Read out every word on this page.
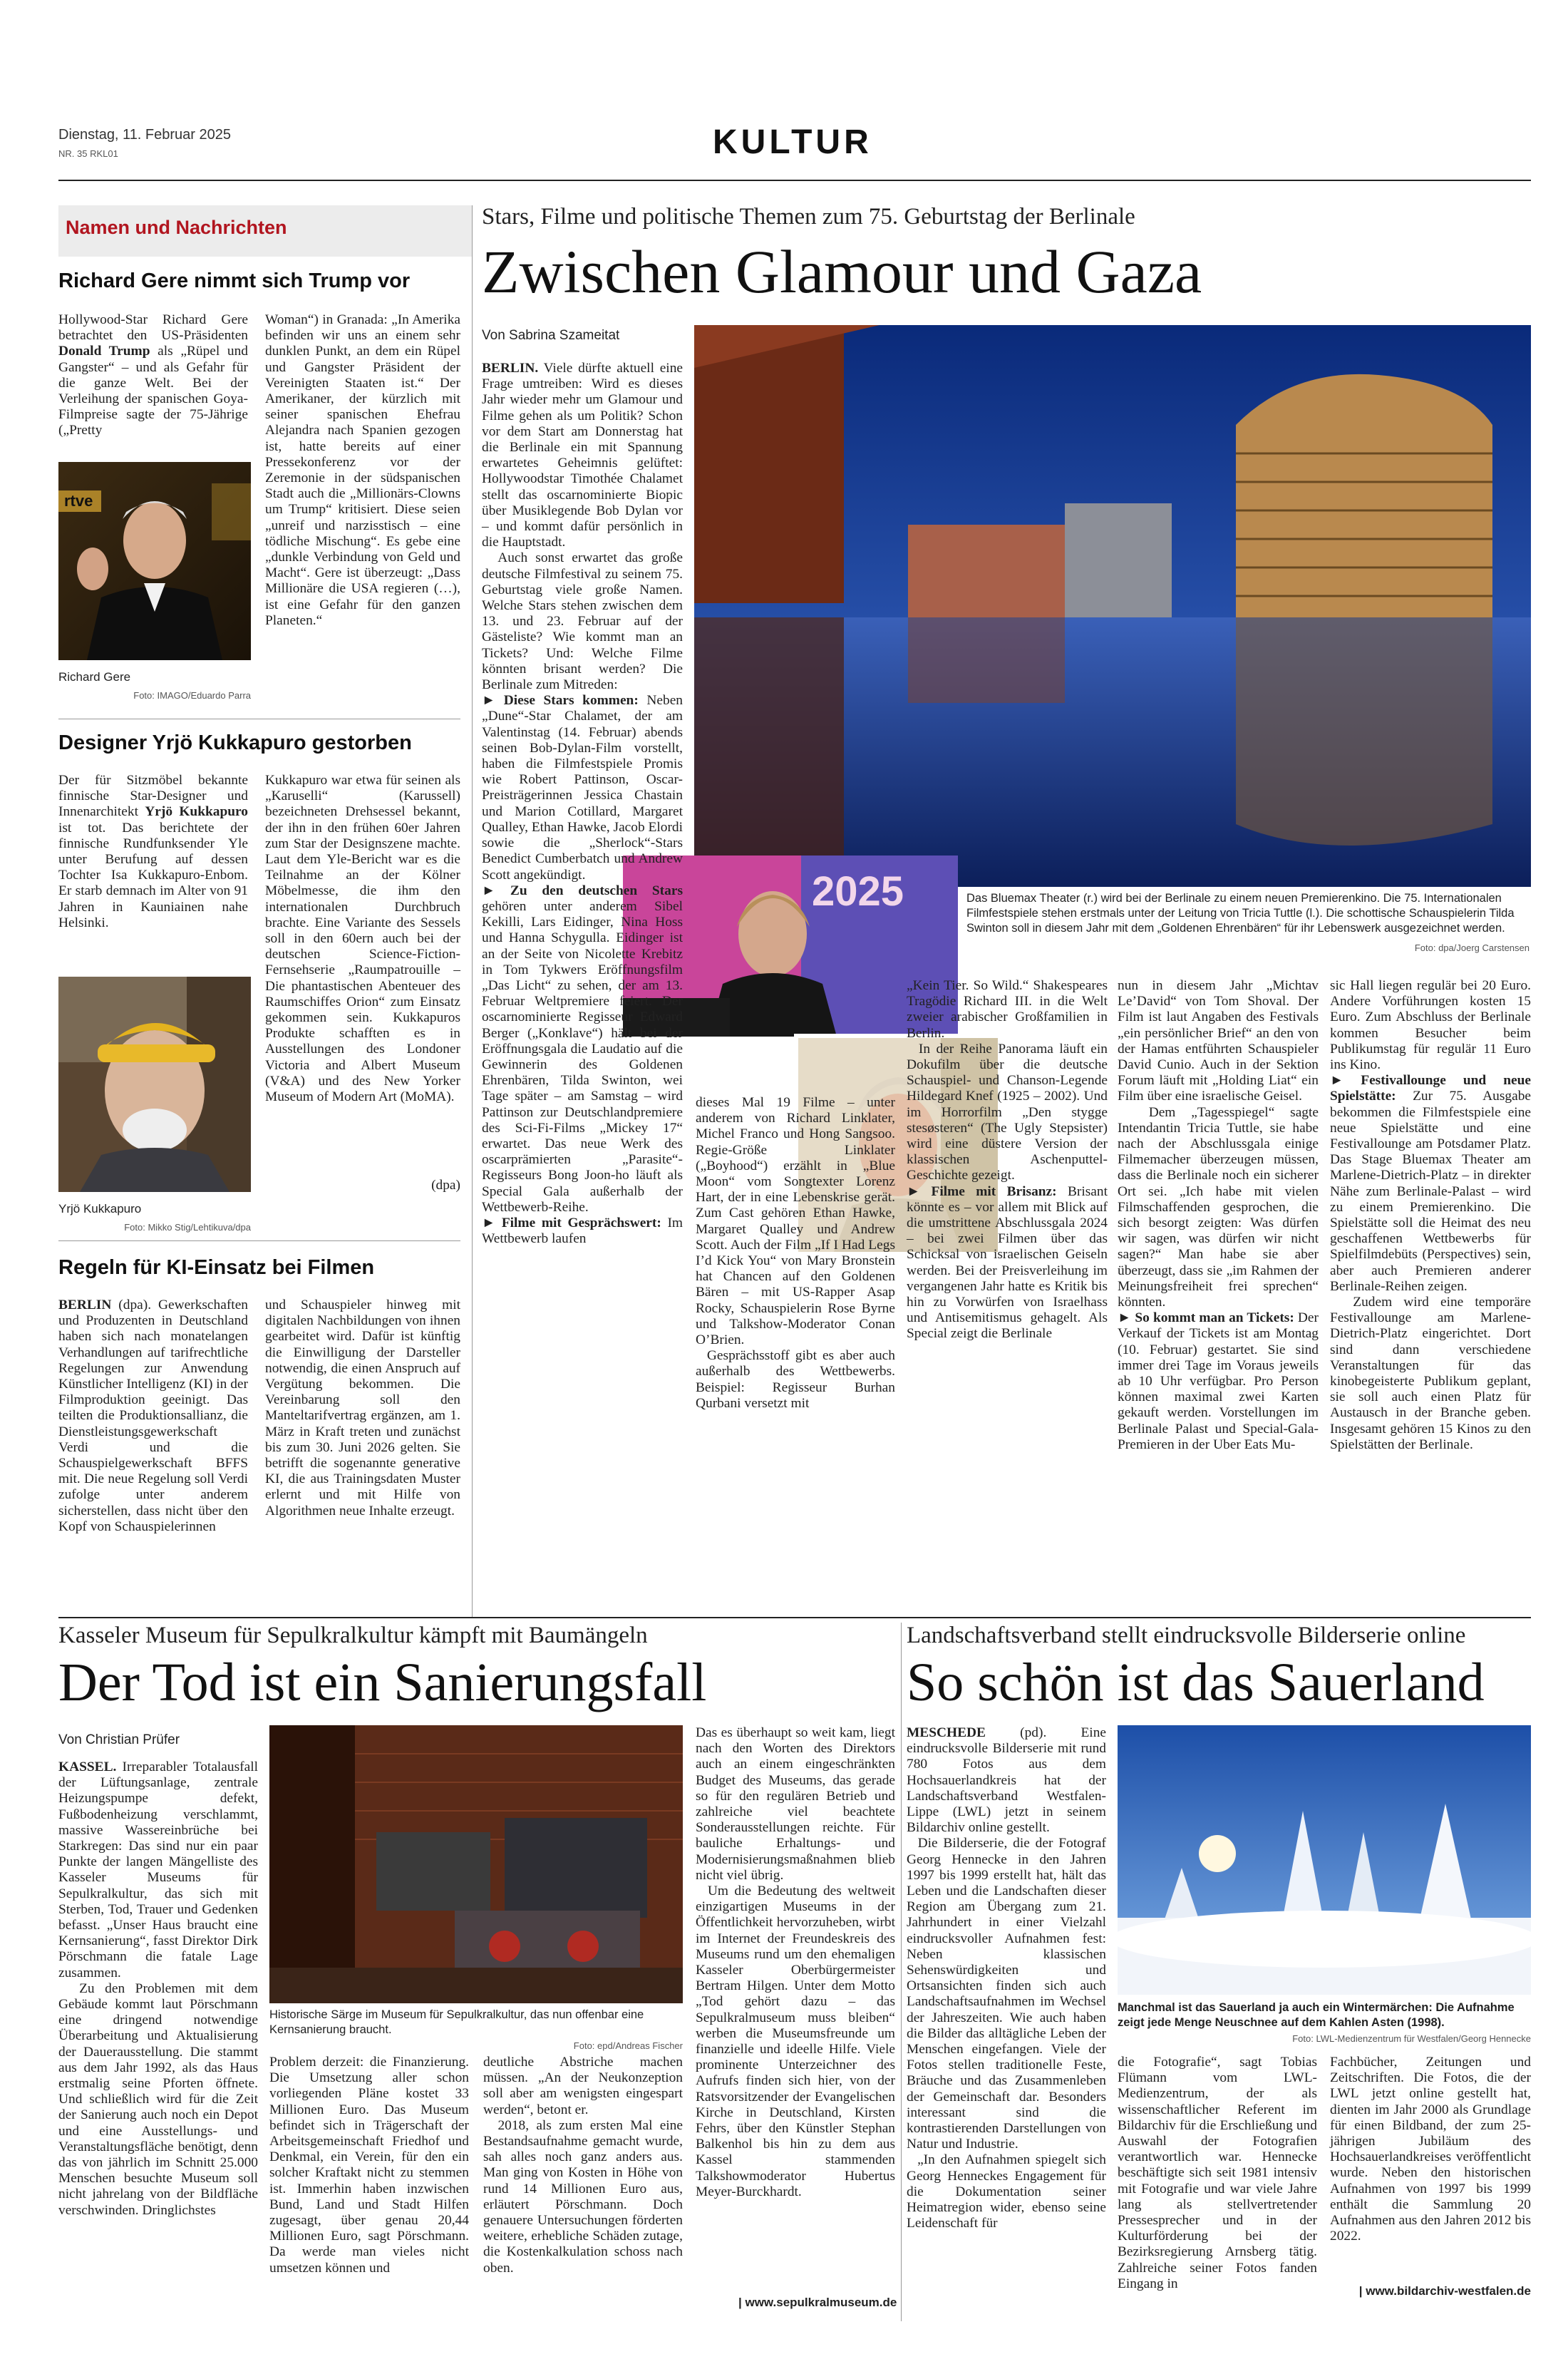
Dienstag, 11. Februar 2025
NR. 35 RKL01	KULTUR
Namen und Nachrichten
Richard Gere nimmt sich Trump vor
Hollywood-Star Richard Gere betrachtet den US-Präsidenten Donald Trump als „Rüpel und Gangster“ – und als Gefahr für die ganze Welt. Bei der Verleihung der spanischen Goya-Filmpreise sagte der 75-Jährige („Pretty
Woman“) in Granada: „In Amerika befinden wir uns an einem sehr dunklen Punkt, an dem ein Rüpel und Gangster Präsident der Vereinigten Staaten ist.“ Der Amerikaner, der kürzlich mit seiner spanischen Ehefrau Alejandra nach Spanien gezogen ist, hatte bereits auf einer Pressekonferenz vor der Zeremonie in der südspanischen Stadt auch die „Millionärs-Clowns um Trump“ kritisiert. Diese seien „unreif und narzisstisch – eine tödliche Mischung“. Es gebe eine „dunkle Verbindung von Geld und Macht“. Gere ist überzeugt: „Dass Millionäre die USA regieren (…), ist eine Gefahr für den ganzen Planeten.“
rtve
Richard Gere
Foto: IMAGO/Eduardo Parra
Designer Yrjö Kukkapuro gestorben
Der für Sitzmöbel bekannte finnische Star-Designer und Innenarchitekt Yrjö Kukkapuro ist tot. Das berichtete der finnische Rundfunksender Yle unter Berufung auf dessen Tochter Isa Kukkapuro-Enbom. Er starb demnach im Alter von 91 Jahren in Kauniainen nahe Helsinki.
Kukkapuro war etwa für seinen als „Karuselli“ (Karussell) bezeichneten Drehsessel bekannt, der ihn in den frühen 60er Jahren zum Star der Designszene machte. Laut dem Yle-Bericht war es die Teilnahme an der Kölner Möbelmesse, die ihm den internationalen Durchbruch brachte. Eine Variante des Sessels soll in den 60ern auch bei der deutschen Science-Fiction-Fernsehserie „Raumpatrouille – Die phantastischen Abenteuer des Raumschiffes Orion“ zum Einsatz gekommen sein. Kukkapuros Produkte schafften es in Ausstellungen des Londoner Victoria and Albert Museum (V&A) und des New Yorker Museum of Modern Art (MoMA).
(dpa)
Yrjö Kukkapuro
Foto: Mikko Stig/Lehtikuva/dpa
Regeln für KI-Einsatz bei Filmen
BERLIN (dpa). Gewerkschaften und Produzenten in Deutschland haben sich nach monatelangen Verhandlungen auf tarifrechtliche Regelungen zur Anwendung Künstlicher Intelligenz (KI) in der Filmproduktion geeinigt. Das teilten die Produktionsallianz, die Dienstleistungsgewerkschaft Verdi und die Schauspielgewerkschaft BFFS mit. Die neue Regelung soll Verdi zufolge unter anderem sicherstellen, dass nicht über den Kopf von Schauspielerinnen
und Schauspieler hinweg mit digitalen Nachbildungen von ihnen gearbeitet wird. Dafür ist künftig die Einwilligung der Darsteller notwendig, die einen Anspruch auf Vergütung bekommen. Die Vereinbarung soll den Manteltarifvertrag ergänzen, am 1. März in Kraft treten und zunächst bis zum 30. Juni 2026 gelten. Sie betrifft die sogenannte generative KI, die aus Trainingsdaten Muster erlernt und mit Hilfe von Algorithmen neue Inhalte erzeugt.
Stars, Filme und politische Themen zum 75. Geburtstag der Berlinale
Zwischen Glamour und Gaza
Von Sabrina Szameitat
Das Bluemax Theater (r.) wird bei der Berlinale zu einem neuen Premierenkino. Die 75. Internationalen Filmfestspiele stehen erstmals unter der Leitung von Tricia Tuttle (l.). Die schottische Schauspielerin Tilda Swinton soll in diesem Jahr mit dem „Goldenen Ehrenbären“ für ihr Lebenswerk ausgezeichnet werden.
Foto: dpa/Joerg Carstensen
2025
BERLIN. Viele dürfte aktuell eine Frage umtreiben: Wird es dieses Jahr wieder mehr um Glamour und Filme gehen als um Politik? Schon vor dem Start am Donnerstag hat die Berlinale ein mit Spannung erwartetes Geheimnis gelüftet: Hollywoodstar Timothée Chalamet stellt das oscarnominierte Biopic über Musiklegende Bob Dylan vor – und kommt dafür persönlich in die Hauptstadt.
Auch sonst erwartet das große deutsche Filmfestival zu seinem 75. Geburtstag viele große Namen. Welche Stars stehen zwischen dem 13. und 23. Februar auf der Gästeliste? Wie kommt man an Tickets? Und: Welche Filme könnten brisant werden? Die Berlinale zum Mitreden:
► Diese Stars kommen: Neben „Dune“-Star Chalamet, der am Valentinstag (14. Februar) abends seinen Bob-Dylan-Film vorstellt, haben die Filmfestspiele Promis wie Robert Pattinson, Oscar-Preisträgerinnen Jessica Chastain und Marion Cotillard, Margaret Qualley, Ethan Hawke, Jacob Elordi sowie die „Sherlock“-Stars Benedict Cumberbatch und Andrew Scott angekündigt.
► Zu den deutschen Stars gehören unter anderem Sibel Kekilli, Lars Eidinger, Nina Hoss und Hanna Schygulla. Eidinger ist an der Seite von Nicolette Krebitz in Tom Tykwers Eröffnungsfilm „Das Licht“ zu sehen, der am 13. Februar Weltpremiere feiert. Der oscarnominierte Regisseur Edward Berger („Konklave“) hält bei der Eröffnungsgala die Laudatio auf die Gewinnerin des Goldenen Ehrenbären, Tilda Swinton, wei Tage später – am Samstag – wird Pattinson zur Deutschlandpremiere des Sci-Fi-Films „Mickey 17“ erwartet. Das neue Werk des oscarprämierten „Parasite“-Regisseurs Bong Joon-ho läuft als Special Gala außerhalb der Wettbewerb-Reihe.
► Filme mit Gesprächswert: Im Wettbewerb laufen
dieses Mal 19 Filme – unter anderem von Richard Linklater, Michel Franco und Hong Sangsoo. Regie-Größe Linklater („Boyhood“) erzählt in „Blue Moon“ vom Songtexter Lorenz Hart, der in eine Lebenskrise gerät. Zum Cast gehören Ethan Hawke, Margaret Qualley und Andrew Scott. Auch der Film „If I Had Legs I’d Kick You“ von Mary Bronstein hat Chancen auf den Goldenen Bären – mit US-Rapper Asap Rocky, Schauspielerin Rose Byrne und Talkshow-Moderator Conan O’Brien.
Gesprächsstoff gibt es aber auch außerhalb des Wettbewerbs. Beispiel: Regisseur Burhan Qurbani versetzt mit
„Kein Tier. So Wild.“ Shakespeares Tragödie Richard III. in die Welt zweier arabischer Großfamilien in Berlin.
In der Reihe Panorama läuft ein Dokufilm über die deutsche Schauspiel- und Chanson-Legende Hildegard Knef (1925 – 2002). Und im Horrorfilm „Den stygge stesøsteren“ (The Ugly Stepsister) wird eine düstere Version der klassischen Aschenputtel-Geschichte gezeigt.
► Filme mit Brisanz: Brisant könnte es – vor allem mit Blick auf die umstrittene Abschlussgala 2024 – bei zwei Filmen über das Schicksal von israelischen Geiseln werden. Bei der Preisverleihung im vergangenen Jahr hatte es Kritik bis hin zu Vorwürfen von Israelhass und Antisemitismus gehagelt. Als Special zeigt die Berlinale
nun in diesem Jahr „Michtav Le’David“ von Tom Shoval. Der Film ist laut Angaben des Festivals „ein persönlicher Brief“ an den von der Hamas entführten Schauspieler David Cunio. Auch in der Sektion Forum läuft mit „Holding Liat“ ein Film über eine israelische Geisel.
Dem „Tagesspiegel“ sagte Intendantin Tricia Tuttle, sie habe nach der Abschlussgala einige Filmemacher überzeugen müssen, dass die Berlinale noch ein sicherer Ort sei. „Ich habe mit vielen Filmschaffenden gesprochen, die sich besorgt zeigten: Was dürfen wir sagen, was dürfen wir nicht sagen?“ Man habe sie aber überzeugt, dass sie „im Rahmen der Meinungsfreiheit frei sprechen“ könnten.
► So kommt man an Tickets: Der Verkauf der Tickets ist am Montag (10. Februar) gestartet. Sie sind immer drei Tage im Voraus jeweils ab 10 Uhr verfügbar. Pro Person können maximal zwei Karten gekauft werden. Vorstellungen im Berlinale Palast und Special-Gala-Premieren in der Uber Eats Mu-
sic Hall liegen regulär bei 20 Euro. Andere Vorführungen kosten 15 Euro. Zum Abschluss der Berlinale kommen Besucher beim Publikumstag für regulär 11 Euro ins Kino.
► Festivallounge und neue Spielstätte: Zur 75. Ausgabe bekommen die Filmfestspiele eine neue Spielstätte und eine Festivallounge am Potsdamer Platz. Das Stage Bluemax Theater am Marlene-Dietrich-Platz – in direkter Nähe zum Berlinale-Palast – wird zu einem Premierenkino. Die Spielstätte soll die Heimat des neu geschaffenen Wettbewerbs für Spielfilmdebüts (Perspectives) sein, aber auch Premieren anderer Berlinale-Reihen zeigen.
Zudem wird eine temporäre Festivallounge am Marlene-Dietrich-Platz eingerichtet. Dort sind dann verschiedene Veranstaltungen für das kinobegeisterte Publikum geplant, sie soll auch einen Platz für Austausch in der Branche geben. Insgesamt gehören 15 Kinos zu den Spielstätten der Berlinale.
Kasseler Museum für Sepulkralkultur kämpft mit Baumängeln
Der Tod ist ein Sanierungsfall
Von Christian Prüfer
Historische Särge im Museum für Sepulkralkultur, das nun offenbar eine Kernsanierung braucht.
Foto: epd/Andreas Fischer
KASSEL. Irreparabler Totalausfall der Lüftungsanlage, zentrale Heizungspumpe defekt, Fußbodenheizung verschlammt, massive Wassereinbrüche bei Starkregen: Das sind nur ein paar Punkte der langen Mängelliste des Kasseler Museums für Sepulkralkultur, das sich mit Sterben, Tod, Trauer und Gedenken befasst. „Unser Haus braucht eine Kernsanierung“, fasst Direktor Dirk Pörschmann die fatale Lage zusammen.
Zu den Problemen mit dem Gebäude kommt laut Pörschmann eine dringend notwendige Überarbeitung und Aktualisierung der Dauerausstellung. Die stammt aus dem Jahr 1992, als das Haus erstmalig seine Pforten öffnete. Und schließlich wird für die Zeit der Sanierung auch noch ein Depot und eine Ausstellungs- und Veranstaltungsfläche benötigt, denn das von jährlich im Schnitt 25.000 Menschen besuchte Museum soll nicht jahrelang von der Bildfläche verschwinden. Dringlichstes
Problem derzeit: die Finanzierung. Die Umsetzung aller schon vorliegenden Pläne kostet 33 Millionen Euro. Das Museum befindet sich in Trägerschaft der Arbeitsgemeinschaft Friedhof und Denkmal, ein Verein, für den ein solcher Kraftakt nicht zu stemmen ist. Immerhin haben inzwischen Bund, Land und Stadt Hilfen zugesagt, über genau 20,44 Millionen Euro, sagt Pörschmann. Da werde man vieles nicht umsetzen können und
deutliche Abstriche machen müssen. „An der Neukonzeption soll aber am wenigsten eingespart werden“, betont er.
2018, als zum ersten Mal eine Bestandsaufnahme gemacht wurde, sah alles noch ganz anders aus. Man ging von Kosten in Höhe von rund 14 Millionen Euro aus, erläutert Pörschmann. Doch genauere Untersuchungen förderten weitere, erhebliche Schäden zutage, die Kostenkalkulation schoss nach oben.
Das es überhaupt so weit kam, liegt nach den Worten des Direktors auch an einem eingeschränkten Budget des Museums, das gerade so für den regulären Betrieb und zahlreiche viel beachtete Sonderausstellungen reichte. Für bauliche Erhaltungs- und Modernisierungsmaßnahmen blieb nicht viel übrig.
Um die Bedeutung des weltweit einzigartigen Museums in der Öffentlichkeit hervorzuheben, wirbt im Internet der Freundeskreis des Museums rund um den ehemaligen Kasseler Oberbürgermeister Bertram Hilgen. Unter dem Motto „Tod gehört dazu – das Sepulkralmuseum muss bleiben“ werben die Museumsfreunde um finanzielle und ideelle Hilfe. Viele prominente Unterzeichner des Aufrufs finden sich hier, von der Ratsvorsitzender der Evangelischen Kirche in Deutschland, Kirsten Fehrs, über den Künstler Stephan Balkenhol bis hin zu dem aus Kassel stammenden Talkshowmoderator Hubertus Meyer-Burckhardt.
| www.sepulkralmuseum.de
Landschaftsverband stellt eindrucksvolle Bilderserie online
So schön ist das Sauerland
Manchmal ist das Sauerland ja auch ein Wintermärchen: Die Aufnahme zeigt jede Menge Neuschnee auf dem Kahlen Asten (1998).
Foto: LWL-Medienzentrum für Westfalen/Georg Hennecke
MESCHEDE (pd). Eine eindrucksvolle Bilderserie mit rund 780 Fotos aus dem Hochsauerlandkreis hat der Landschaftsverband Westfalen-Lippe (LWL) jetzt in seinem Bildarchiv online gestellt.
Die Bilderserie, die der Fotograf Georg Hennecke in den Jahren 1997 bis 1999 erstellt hat, hält das Leben und die Landschaften dieser Region am Übergang zum 21. Jahrhundert in einer Vielzahl eindrucksvoller Aufnahmen fest: Neben klassischen Sehenswürdigkeiten und Ortsansichten finden sich auch Landschaftsaufnahmen im Wechsel der Jahreszeiten. Wie auch haben die Bilder das alltägliche Leben der Menschen eingefangen. Viele der Fotos stellen traditionelle Feste, Bräuche und das Zusammenleben der Gemeinschaft dar. Besonders interessant sind die kontrastierenden Darstellungen von Natur und Industrie.
„In den Aufnahmen spiegelt sich Georg Henneckes Engagement für die Dokumentation seiner Heimatregion wider, ebenso seine Leidenschaft für
die Fotografie“, sagt Tobias Flümann vom LWL-Medienzentrum, der als wissenschaftlicher Referent im Bildarchiv für die Erschließung und Auswahl der Fotografien verantwortlich war. Hennecke beschäftigte sich seit 1981 intensiv mit Fotografie und war viele Jahre lang als stellvertretender Pressesprecher und in der Kulturförderung bei der Bezirksregierung Arnsberg tätig. Zahlreiche seiner Fotos fanden Eingang in
Fachbücher, Zeitungen und Zeitschriften. Die Fotos, die der LWL jetzt online gestellt hat, dienten im Jahr 2000 als Grundlage für einen Bildband, der zum 25-jährigen Jubiläum des Hochsauerlandkreises veröffentlicht wurde. Neben den historischen Aufnahmen von 1997 bis 1999 enthält die Sammlung 20 Aufnahmen aus den Jahren 2012 bis 2022.
| www.bildarchiv-westfalen.de
